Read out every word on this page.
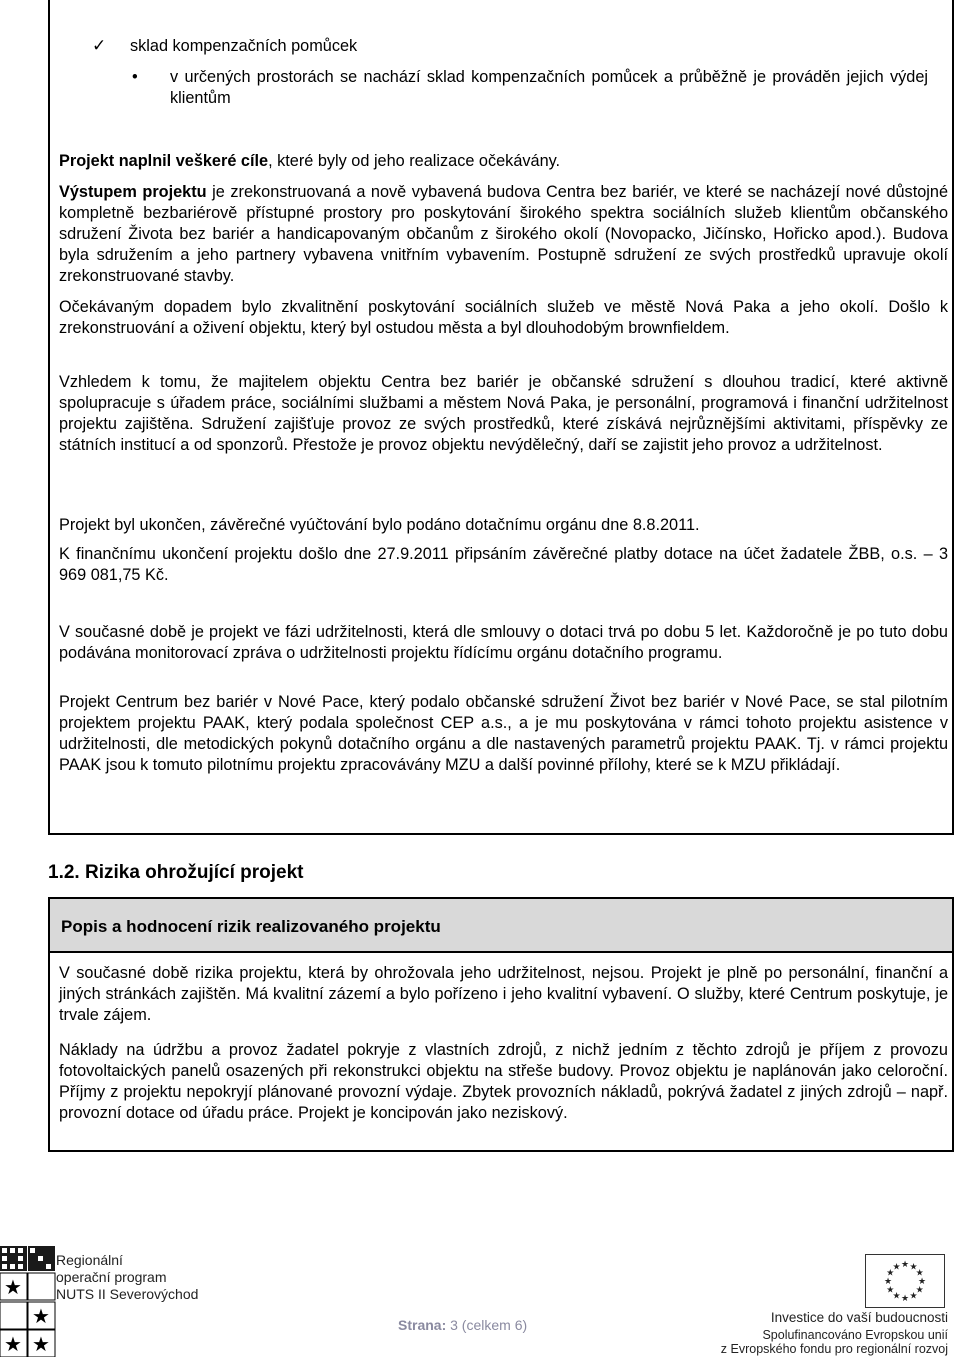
✓ sklad kompenzačních pomůcek
• v určených prostorách se nachází sklad kompenzačních pomůcek a průběžně je prováděn jejich výdej klientům

Projekt naplnil veškeré cíle, které byly od jeho realizace očekávány.

Výstupem projektu je zrekonstruovaná a nově vybavená budova Centra bez bariér, ve které se nacházejí nové důstojné kompletně bezbariérově přístupné prostory pro poskytování širokého spektra sociálních služeb klientům občanského sdružení Života bez bariér a handicapovaným občanům z širokého okolí (Novopacko, Jičínsko, Hořicko apod.). Budova byla sdružením a jeho partnery vybavena vnitřním vybavením. Postupně sdružení ze svých prostředků upravuje okolí zrekonstruované stavby.

Očekávaným dopadem bylo zkvalitnění poskytování sociálních služeb ve městě Nová Paka a jeho okolí. Došlo k zrekonstruování a oživení objektu, který byl ostudou města a byl dlouhodobým brownfieldem.

Vzhledem k tomu, že majitelem objektu Centra bez bariér je občanské sdružení s dlouhou tradicí, které aktivně spolupracuje s úřadem práce, sociálními službami a městem Nová Paka, je personální, programová i finanční udržitelnost projektu zajištěna. Sdružení zajišťuje provoz ze svých prostředků, které získává nejrůznějšími aktivitami, příspěvky ze státních institucí a od sponzorů. Přestože je provoz objektu nevýdělečný, daří se zajistit jeho provoz a udržitelnost.

Projekt byl ukončen, závěrečné vyúčtování bylo podáno dotačnímu orgánu dne 8.8.2011.

K finančnímu ukončení projektu došlo dne 27.9.2011 připsáním závěrečné platby dotace na účet žadatele ŽBB, o.s. – 3 969 081,75 Kč.

V současné době je projekt ve fázi udržitelnosti, která dle smlouvy o dotaci trvá po dobu 5 let. Každoročně je po tuto dobu podávána monitorovací zpráva o udržitelnosti projektu řídícímu orgánu dotačního programu.

Projekt Centrum bez bariér v Nové Pace, který podalo občanské sdružení Život bez bariér v Nové Pace, se stal pilotním projektem projektu PAAK, který podala společnost CEP a.s., a je mu poskytována v rámci tohoto projektu asistence v udržitelnosti, dle metodických pokynů dotačního orgánu a dle nastavených parametrů projektu PAAK. Tj. v rámci projektu PAAK jsou k tomuto pilotnímu projektu zpracovávány MZU a další povinné přílohy, které se k MZU přikládají.

1.2. Rizika ohrožující projekt
Popis a hodnocení rizik realizovaného projektu

V současné době rizika projektu, která by ohrožovala jeho udržitelnost, nejsou. Projekt je plně po personální, finanční a jiných stránkách zajištěn. Má kvalitní zázemí a bylo pořízeno i jeho kvalitní vybavení. O služby, které Centrum poskytuje, je trvale zájem.

Náklady na údržbu a provoz žadatel pokryje z vlastních zdrojů, z nichž jedním z těchto zdrojů je příjem z provozu fotovoltaických panelů osazených při rekonstrukci objektu na střeše budovy. Provoz objektu je naplánován jako celoroční. Příjmy z projektu nepokryjí plánované provozní výdaje. Zbytek provozních nákladů, pokrývá žadatel z jiných zdrojů – např. provozní dotace od úřadu práce. Projekt je koncipován jako neziskový.

★
★
★ ★
Regionální
operační program
NUTS II Severovýchod
Strana: 3 (celkem 6)
★ ★
★
★
★
★
★
★
★
★
★
★
Investice do vaší budoucnosti
Spolufinancováno Evropskou unií
z Evropského fondu pro regionální rozvoj
